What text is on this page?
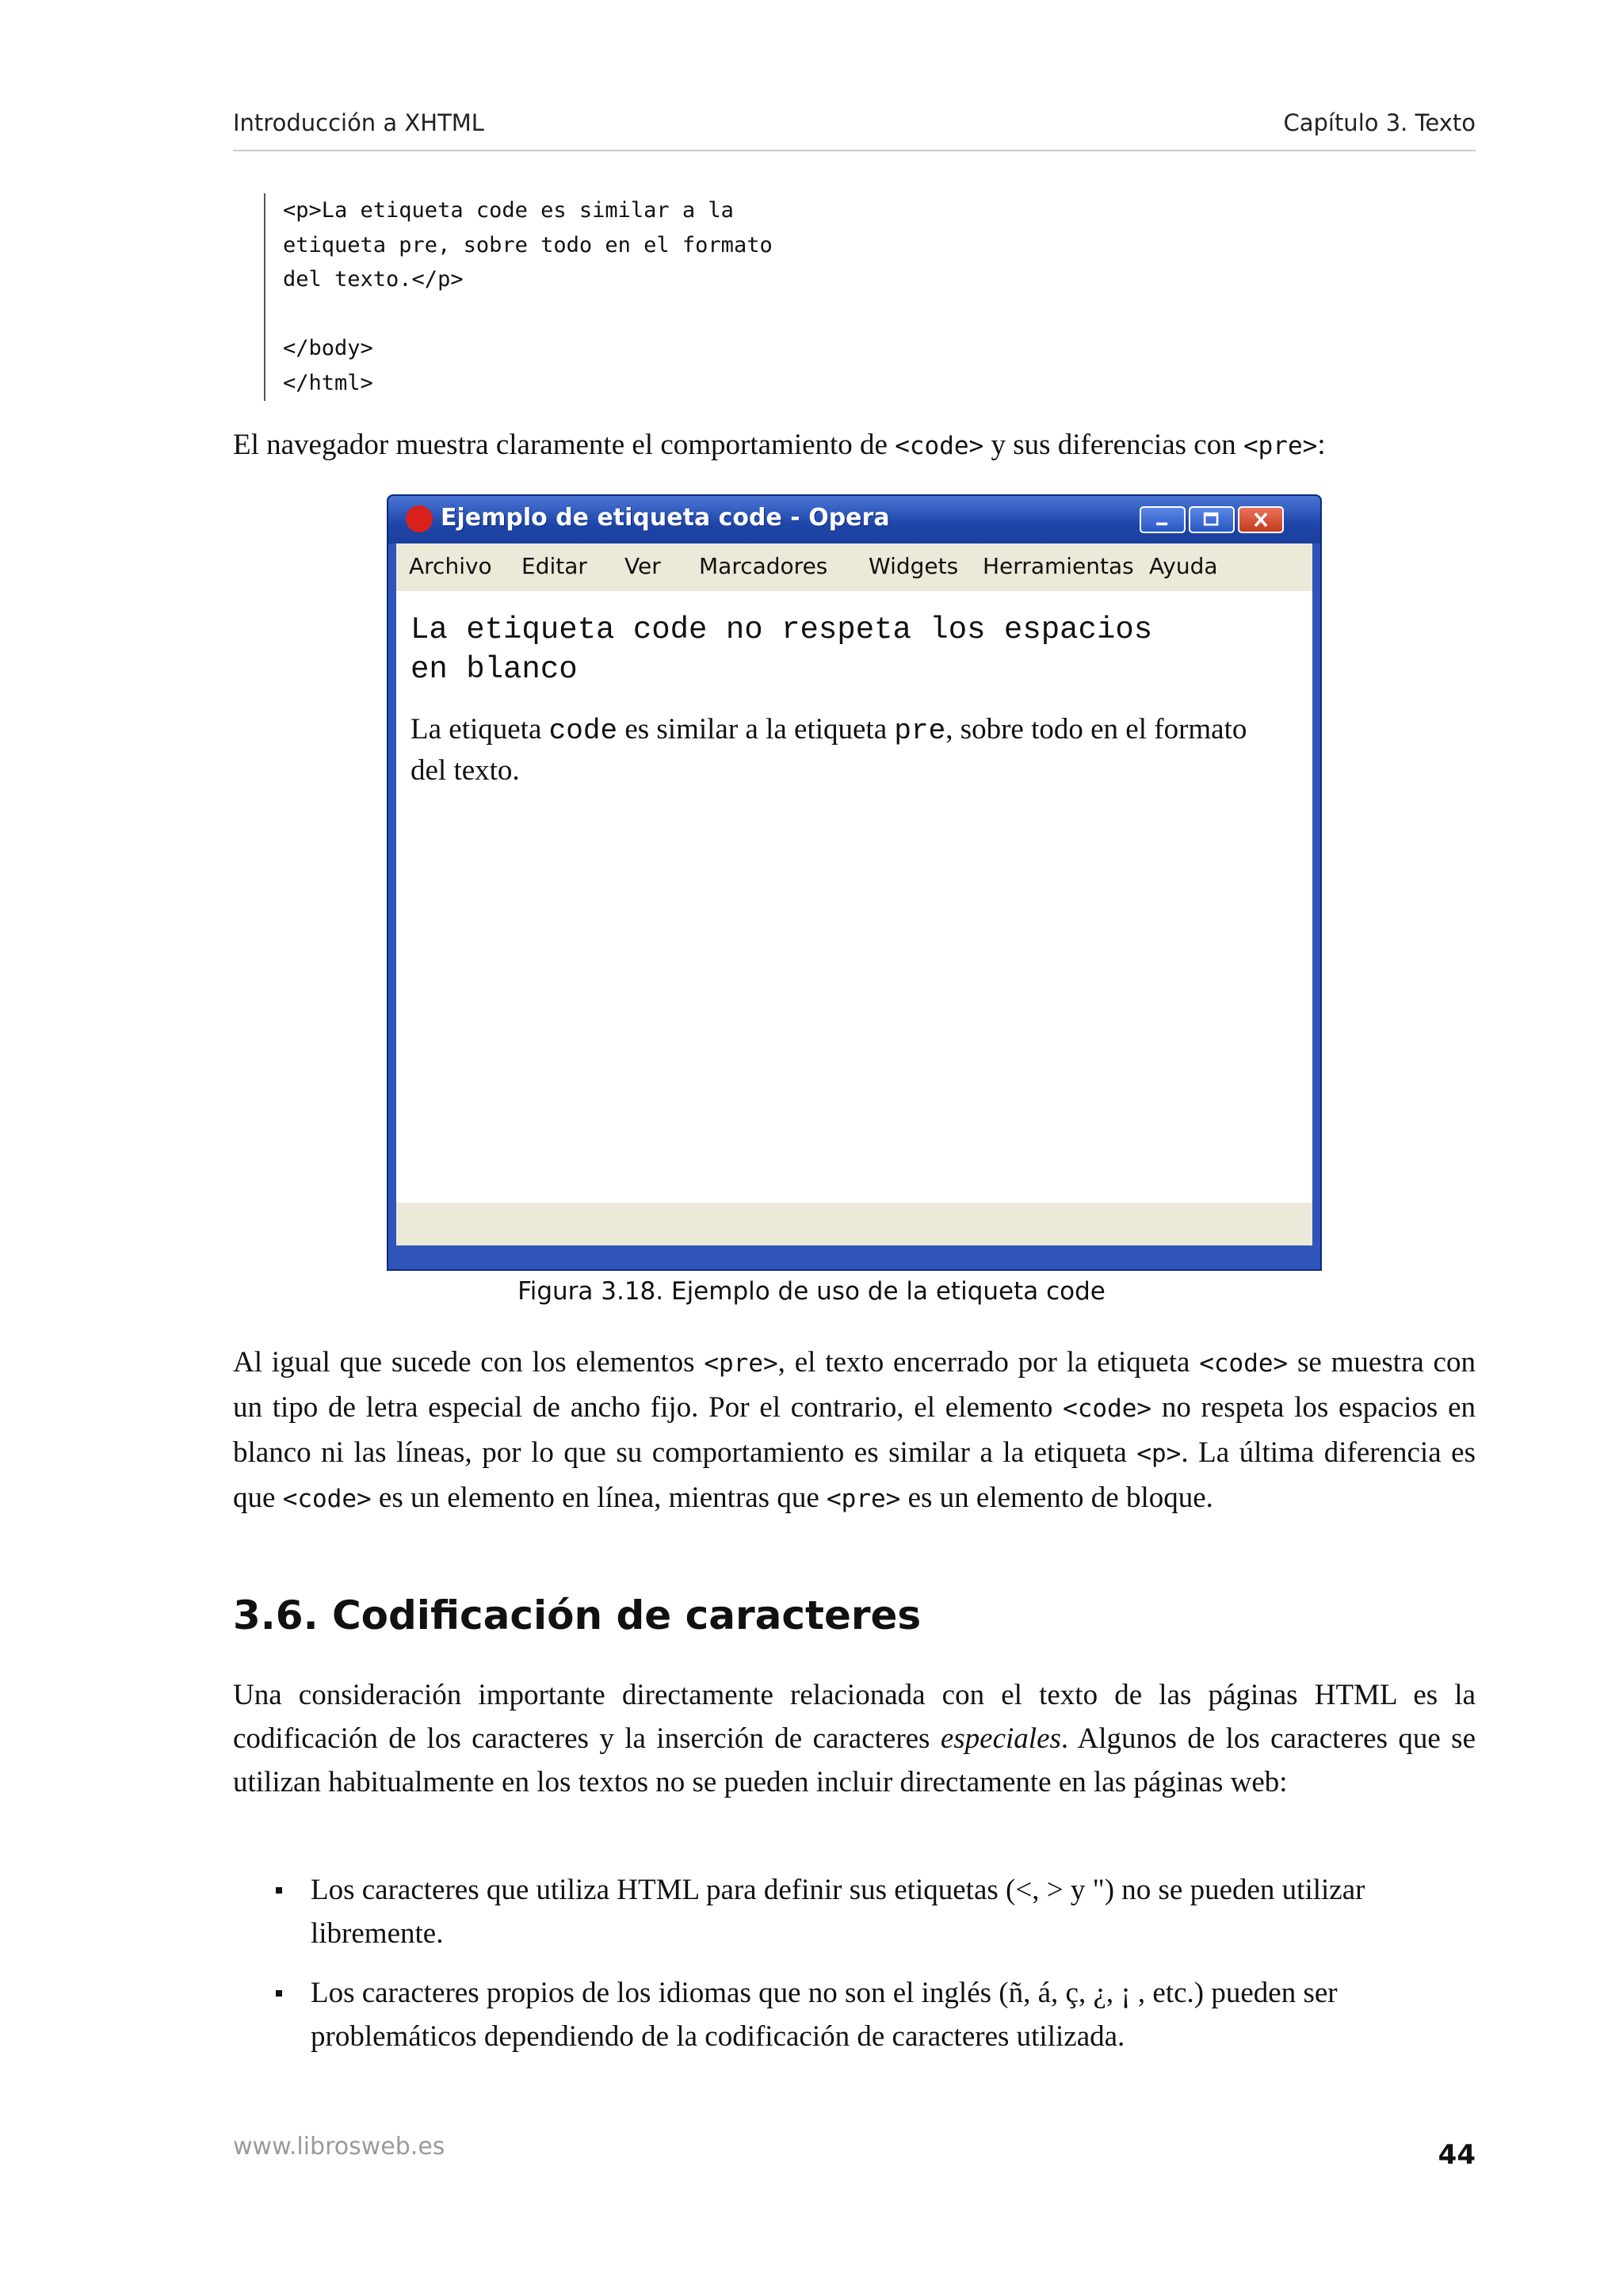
Introducción a XHTML	Capítulo 3. Texto
<p>La etiqueta code es similar a la
etiqueta pre, sobre todo en el formato
del texto.</p>

</body>
</html>
El navegador muestra claramente el comportamiento de <code> y sus diferencias con <pre>:
Ejemplo de etiqueta code - Opera
Archivo Editar Ver Marcadores Widgets Herramientas Ayuda
La etiqueta code no respeta los espacios
en blanco
La etiqueta code es similar a la etiqueta pre, sobre todo en el formato del texto.
Figura 3.18. Ejemplo de uso de la etiqueta code
Al igual que sucede con los elementos <pre>, el texto encerrado por la etiqueta <code> se muestra con un tipo de letra especial de ancho fijo. Por el contrario, el elemento <code> no respeta los espacios en blanco ni las líneas, por lo que su comportamiento es similar a la etiqueta <p>. La última diferencia es que <code> es un elemento en línea, mientras que <pre> es un elemento de bloque.
3.6. Codificación de caracteres
Una consideración importante directamente relacionada con el texto de las páginas HTML es la codificación de los caracteres y la inserción de caracteres especiales. Algunos de los caracteres que se utilizan habitualmente en los textos no se pueden incluir directamente en las páginas web:
Los caracteres que utiliza HTML para definir sus etiquetas (<, > y ") no se pueden utilizar libremente.
Los caracteres propios de los idiomas que no son el inglés (ñ, á, ç, ¿, ¡ , etc.) pueden ser problemáticos dependiendo de la codificación de caracteres utilizada.
www.librosweb.es	44
